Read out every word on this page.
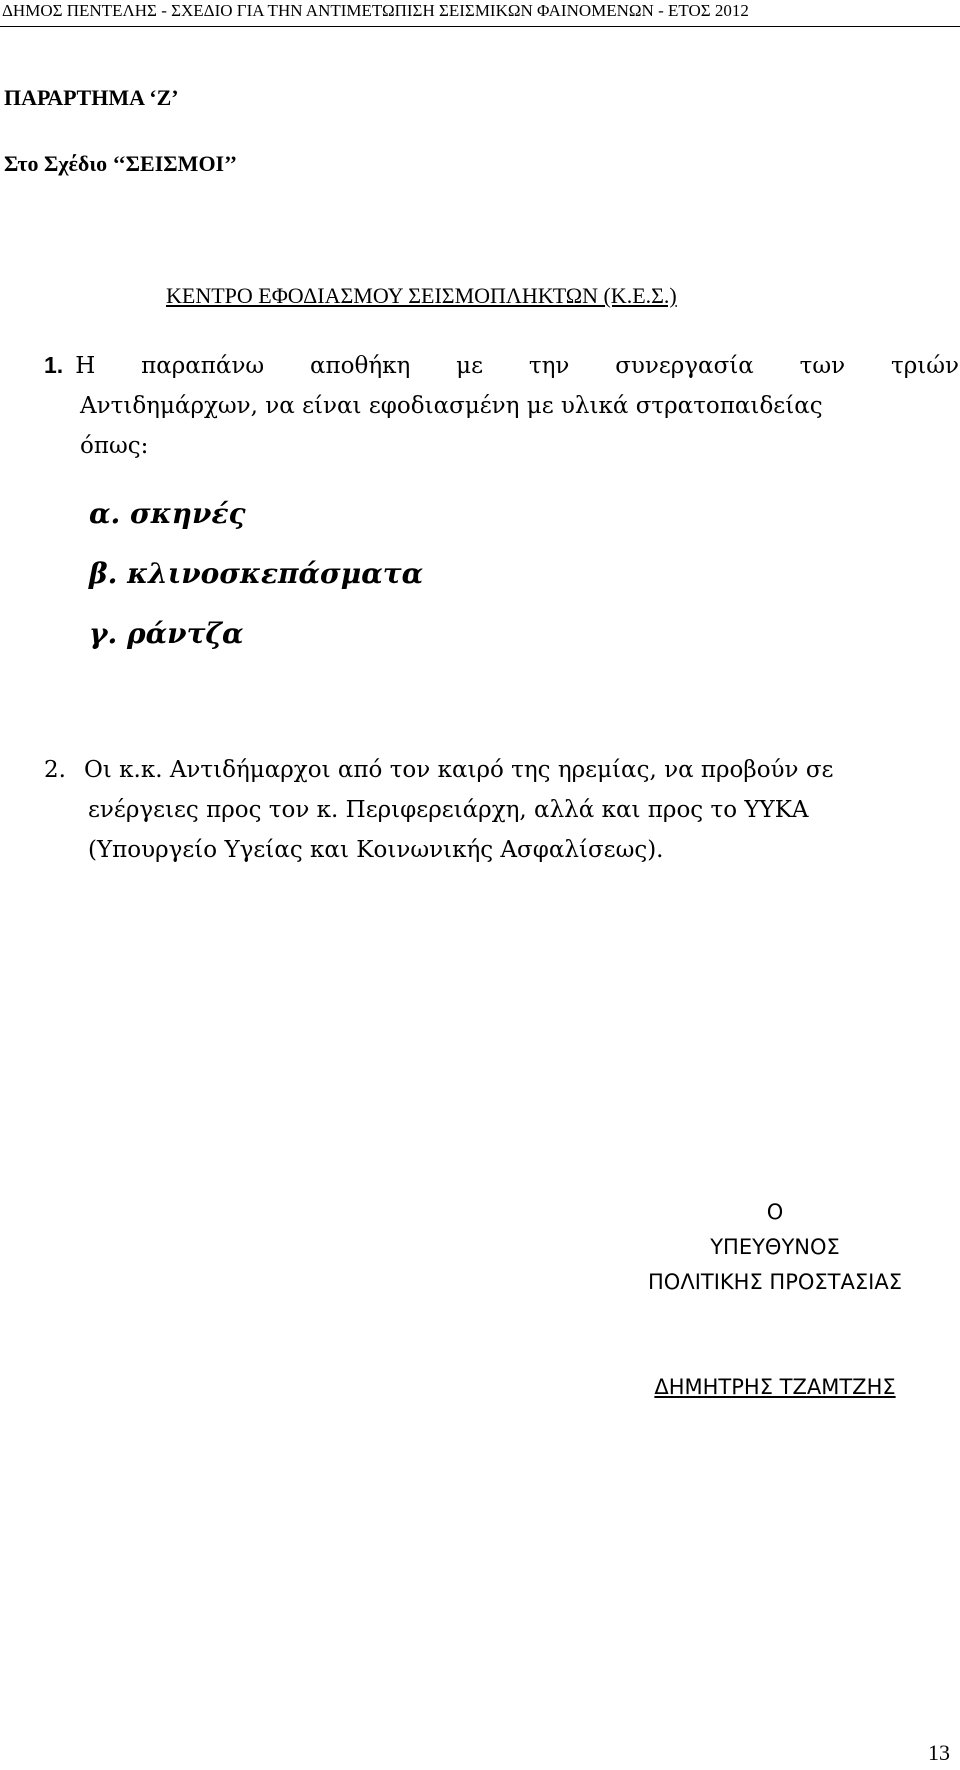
ΔΗΜΟΣ ΠΕΝΤΕΛΗΣ - ΣΧΕΔΙΟ ΓΙΑ ΤΗΝ ΑΝΤΙΜΕΤΩΠΙΣΗ ΣΕΙΣΜΙΚΩΝ ΦΑΙΝΟΜΕΝΩΝ - ΕΤΟΣ 2012
ΠΑΡΑΡΤΗΜΑ ‘Ζ’
Στο Σχέδιο ‘‘ΣΕΙΣΜΟΙ’’
ΚΕΝΤΡΟ ΕΦΟΔΙΑΣΜΟΥ ΣΕΙΣΜΟΠΛΗΚΤΩΝ (Κ.Ε.Σ.)
1. Η παραπάνω αποθήκη με την συνεργασία των τριών
Αντιδημάρχων, να είναι εφοδιασμένη με υλικά στρατοπαιδείας
όπως:
α. σκηνές
β. κλινοσκεπάσματα
γ. ράντζα
2. Οι κ.κ. Αντιδήμαρχοι από τον καιρό της ηρεμίας, να προβούν σε
ενέργειες προς τον κ. Περιφερειάρχη, αλλά και προς το ΥΥΚΑ
(Υπουργείο Υγείας και Κοινωνικής Ασφαλίσεως).
Ο
ΥΠΕΥΘΥΝΟΣ
ΠΟΛΙΤΙΚΗΣ ΠΡΟΣΤΑΣΙΑΣ
ΔΗΜΗΤΡΗΣ ΤΖΑΜΤΖΗΣ
13
